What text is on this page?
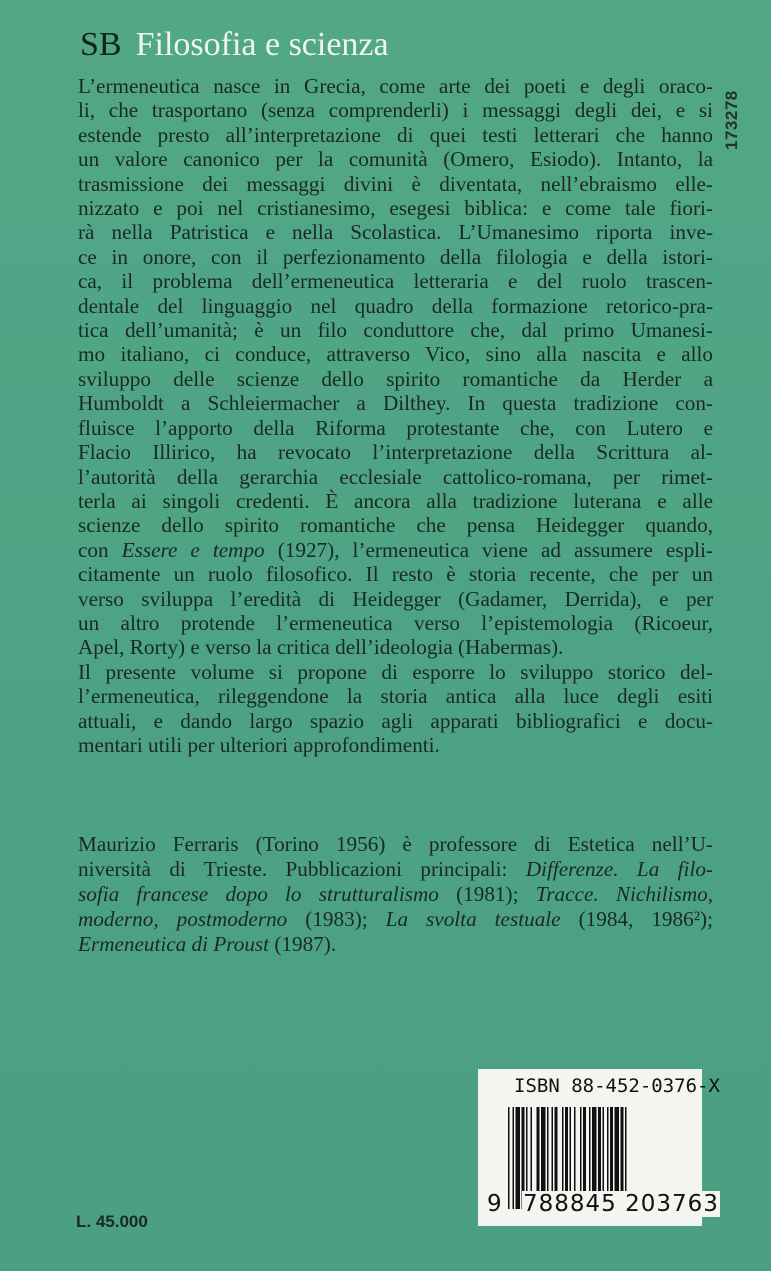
SB Filosofia e scienza
173278
L’ermeneutica nasce in Grecia, come arte dei poeti e degli oraco-
li, che trasportano (senza comprenderli) i messaggi degli dei, e si
estende presto all’interpretazione di quei testi letterari che hanno
un valore canonico per la comunità (Omero, Esiodo). Intanto, la
trasmissione dei messaggi divini è diventata, nell’ebraismo elle-
nizzato e poi nel cristianesimo, esegesi biblica: e come tale fiori-
rà nella Patristica e nella Scolastica. L’Umanesimo riporta inve-
ce in onore, con il perfezionamento della filologia e della istori-
ca, il problema dell’ermeneutica letteraria e del ruolo trascen-
dentale del linguaggio nel quadro della formazione retorico-pra-
tica dell’umanità; è un filo conduttore che, dal primo Umanesi-
mo italiano, ci conduce, attraverso Vico, sino alla nascita e allo
sviluppo delle scienze dello spirito romantiche da Herder a
Humboldt a Schleiermacher a Dilthey. In questa tradizione con-
fluisce l’apporto della Riforma protestante che, con Lutero e
Flacio Illirico, ha revocato l’interpretazione della Scrittura al-
l’autorità della gerarchia ecclesiale cattolico-romana, per rimet-
terla ai singoli credenti. È ancora alla tradizione luterana e alle
scienze dello spirito romantiche che pensa Heidegger quando,
con Essere e tempo (1927), l’ermeneutica viene ad assumere espli-
citamente un ruolo filosofico. Il resto è storia recente, che per un
verso sviluppa l’eredità di Heidegger (Gadamer, Derrida), e per
un altro protende l’ermeneutica verso l’epistemologia (Ricoeur,
Apel, Rorty) e verso la critica dell’ideologia (Habermas).
Il presente volume si propone di esporre lo sviluppo storico del-
l’ermeneutica, rileggendone la storia antica alla luce degli esiti
attuali, e dando largo spazio agli apparati bibliografici e docu-
mentari utili per ulteriori approfondimenti.
Maurizio Ferraris (Torino 1956) è professore di Estetica nell’U-
niversità di Trieste. Pubblicazioni principali: Differenze. La filo-
sofia francese dopo lo strutturalismo (1981); Tracce. Nichilismo,
moderno, postmoderno (1983); La svolta testuale (1984, 1986²);
Ermeneutica di Proust (1987).
ISBN 88-452-0376-X
9 788845 203763
L. 45.000
